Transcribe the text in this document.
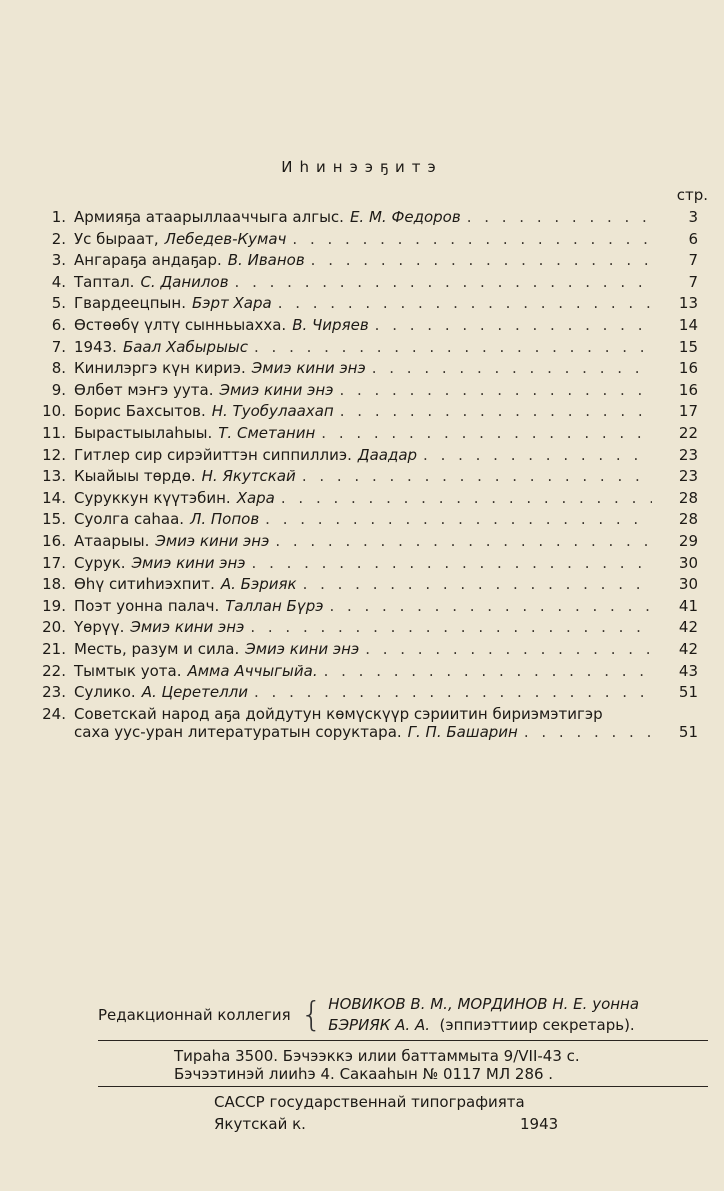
Иһинээҕитэ
стр.
1. Армияҕа атаарыллааччыга алгыс. Е. М. Федоров . . .	3
2. Ус быраат, Лебедев-Кумач . . .	6
3. Ангараҕа андаҕар. В. Иванов . . .	7
4. Таптал. С. Данилов . . .	7
5. Гвардеецпын. Бэрт Хара . . .	13
6. Өстөөбү үлтү сынньыахха. В. Чиряев . . .	14
7. 1943. Баал Хабырыыс . . .	15
8. Кинилэргэ күн кириэ. Эмиэ кини энэ . . .	16
9. Өлбөт мэҥэ уута. Эмиэ кини энэ . . .	16
10. Борис Бахсытов. Н. Туобулаахап . . .	17
11. Бырастыылаһыы. Т. Сметанин . . .	22
12. Гитлер сир сирэйиттэн сиппиллиэ. Даадар . . .	23
13. Кыайыы төрдө. Н. Якутскай . . .	23
14. Суруккун күүтэбин. Хара . . .	28
15. Суолга саһаа. Л. Попов . . .	28
16. Атаарыы. Эмиэ кини энэ . . .	29
17. Сурук. Эмиэ кини энэ . . .	30
18. Өһү ситиһиэхпит. А. Бэрияк . . .	30
19. Поэт уонна палач. Таллан Бүрэ . . .	41
20. Үөрүү. Эмиэ кини энэ . . .	42
21. Месть, разум и сила. Эмиэ кини энэ . . .	42
22. Тымтык уота. Амма Аччыгыйа. . . .	43
23. Сулико. А. Церетелли . . .	51
24. Советскай народ аҕа дойдутун көмүскүүр сэриитин бириэмэтигэр
саха уус-уран литературатын соруктара. Г. П. Башарин . . .	51
Редакционнай коллегия { НОВИКОВ В. М., МОРДИНОВ Н. Е. уонна
БЭРИЯК А. А. (эппиэттиир секретарь).
Тираһа 3500. Бэчээккэ илии баттаммыта 9/VII-43 с.
Бэчээтинэй лииһэ 4. Сакааһын № 0117 МЛ 286 .
САССР государственнай типографията
Якутскай к.	1943
